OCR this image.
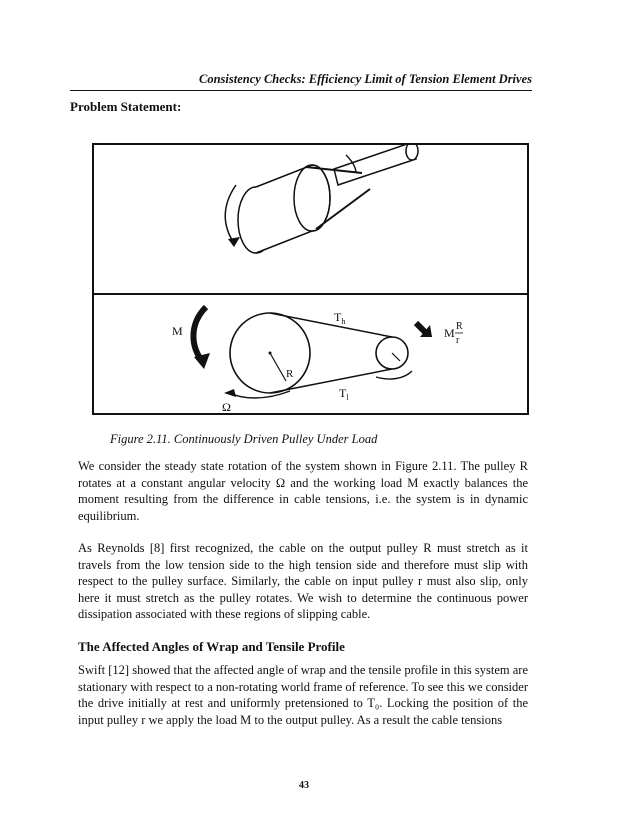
Consistency Checks: Efficiency Limit of Tension Element Drives
Problem Statement:
M
R
$T_h$
$T_l$
Ω
M R
r
Figure 2.11. Continuously Driven Pulley Under Load
We consider the steady state rotation of the system shown in Figure 2.11. The pulley R rotates at a constant angular velocity Ω and the working load M exactly balances the moment resulting from the difference in cable tensions, i.e. the system is in dynamic equilibrium.
As Reynolds [8] first recognized, the cable on the output pulley R must stretch as it travels from the low tension side to the high tension side and therefore must slip with respect to the pulley surface. Similarly, the cable on input pulley r must also slip, only here it must stretch as the pulley rotates. We wish to determine the continuous power dissipation associated with these regions of slipping cable.
The Affected Angles of Wrap and Tensile Profile
Swift [12] showed that the affected angle of wrap and the tensile profile in this system are stationary with respect to a non-rotating world frame of reference. To see this we consider the drive initially at rest and uniformly pretensioned to T₀. Locking the position of the input pulley r we apply the load M to the output pulley. As a result the cable tensions
43
